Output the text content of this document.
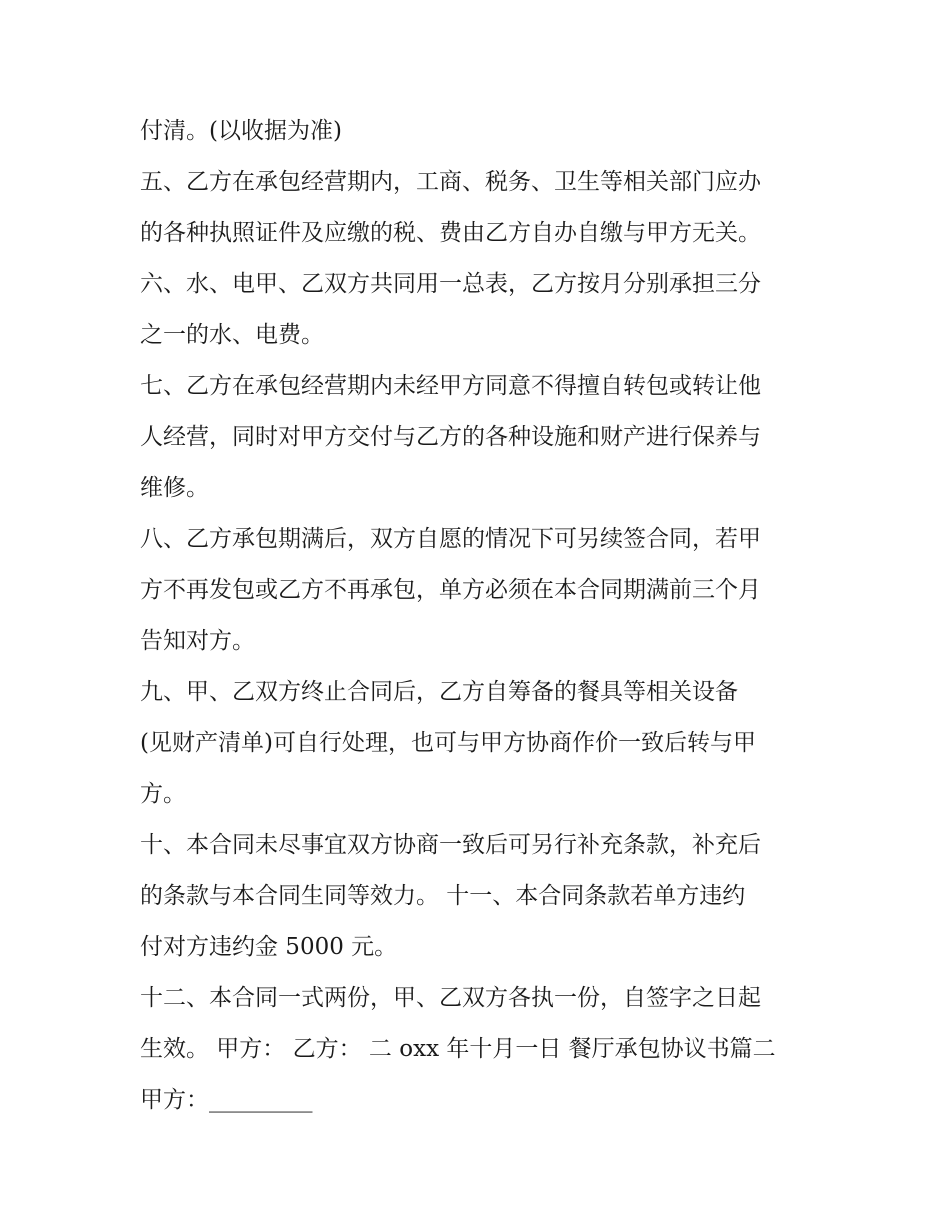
付清。(以收据为准)
五、乙方在承包经营期内，工商、税务、卫生等相关部门应办
的各种执照证件及应缴的税、费由乙方自办自缴与甲方无关。
六、水、电甲、乙双方共同用一总表，乙方按月分别承担三分
之一的水、电费。
七、乙方在承包经营期内未经甲方同意不得擅自转包或转让他
人经营，同时对甲方交付与乙方的各种设施和财产进行保养与
维修。
八、乙方承包期满后，双方自愿的情况下可另续签合同，若甲
方不再发包或乙方不再承包，单方必须在本合同期满前三个月
告知对方。
九、甲、乙双方终止合同后，乙方自筹备的餐具等相关设备
(见财产清单)可自行处理，也可与甲方协商作价一致后转与甲
方。
十、本合同未尽事宜双方协商一致后可另行补充条款，补充后
的条款与本合同生同等效力。 十一、本合同条款若单方违约
付对方违约金 5000 元。
十二、本合同一式两份，甲、乙双方各执一份，自签字之日起
生效。 甲方： 乙方： 二 oxx 年十月一日 餐厅承包协议书篇二
甲方：_________
